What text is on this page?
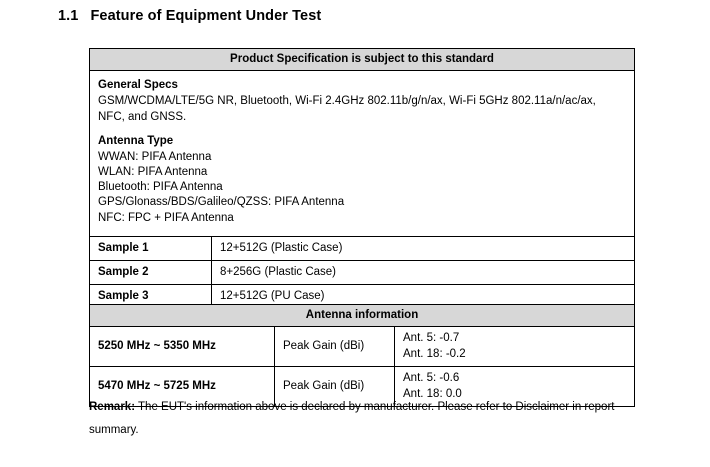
1.1 Feature of Equipment Under Test
Product Specification is subject to this standard	

General Specs

GSM/WCDMA/LTE/5G NR, Bluetooth, Wi-Fi 2.4GHz 802.11b/g/n/ax, Wi-Fi 5GHz 802.11a/n/ac/ax,

NFC, and GNSS.

Antenna Type

WWAN: PIFA Antenna

WLAN: PIFA Antenna

Bluetooth: PIFA Antenna

GPS/Glonass/BDS/Galileo/QZSS: PIFA Antenna

NFC: FPC + PIFA Antenna

Sample 1	12+512G (Plastic Case)
Sample 2	8+256G (Plastic Case)
Sample 3	12+512G (PU Case)
Antenna information		
5250 MHz ~ 5350 MHz	Peak Gain (dBi)	Ant. 5: -0.7

Ant. 18: -0.2

5470 MHz ~ 5725 MHz	Peak Gain (dBi)	Ant. 5: -0.6

Ant. 18: 0.0

Remark: The EUT's information above is declared by manufacturer. Please refer to Disclaimer in report summary.
